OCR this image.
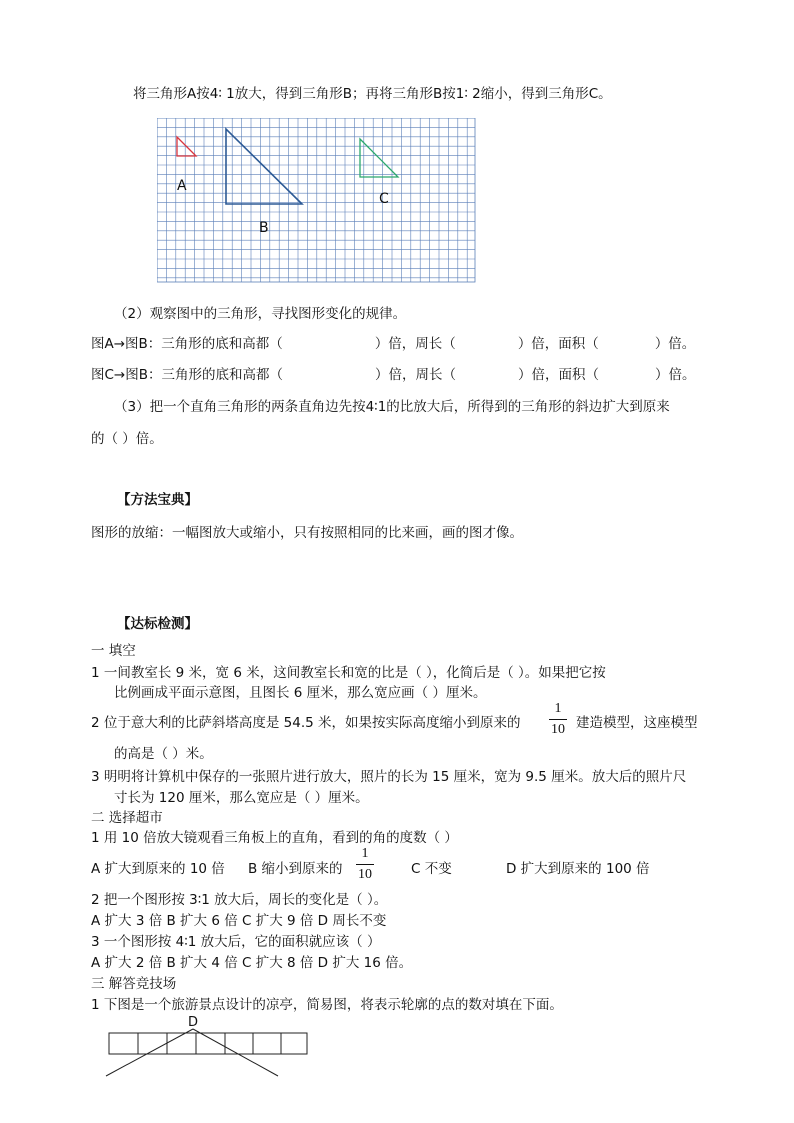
将三角形A按4∶ 1放大，得到三角形B；再将三角形B按1∶ 2缩小，得到三角形C。
A
B
C
（2）观察图中的三角形，寻找图形变化的规律。
图A→图B：三角形的底和高都（	）倍，周长（	）倍，面积（	）倍。
图C→图B：三角形的底和高都（	）倍，周长（	）倍，面积（	）倍。
（3）把一个直角三角形的两条直角边先按4∶1的比放大后，所得到的三角形的斜边扩大到原来
的（ ）倍。
【方法宝典】
图形的放缩：一幅图放大或缩小，只有按照相同的比来画，画的图才像。
【达标检测】
一 填空
1 一间教室长 9 米，宽 6 米，这间教室长和宽的比是（ ），化简后是（ ）。如果把它按
比例画成平面示意图，且图长 6 厘米，那么宽应画（ ）厘米。
2 位于意大利的比萨斜塔高度是 54.5 米，如果按实际高度缩小到原来的
1
10 建造模型，这座模型
的高是（ ）米。
3 明明将计算机中保存的一张照片进行放大，照片的长为 15 厘米，宽为 9.5 厘米。放大后的照片尺
寸长为 120 厘米，那么宽应是（ ）厘米。
二 选择超市
1 用 10 倍放大镜观看三角板上的直角，看到的角的度数（ ）
A 扩大到原来的 10 倍 B 缩小到原来的
1
10	C 不变	D 扩大到原来的 100 倍
2 把一个图形按 3∶1 放大后，周长的变化是（ ）。
A 扩大 3 倍 B 扩大 6 倍 C 扩大 9 倍 D 周长不变
3 一个图形按 4∶1 放大后，它的面积就应该（ ）
A 扩大 2 倍 B 扩大 4 倍 C 扩大 8 倍 D 扩大 16 倍。
三 解答竞技场
1 下图是一个旅游景点设计的凉亭，简易图，将表示轮廓的点的数对填在下面。
D
